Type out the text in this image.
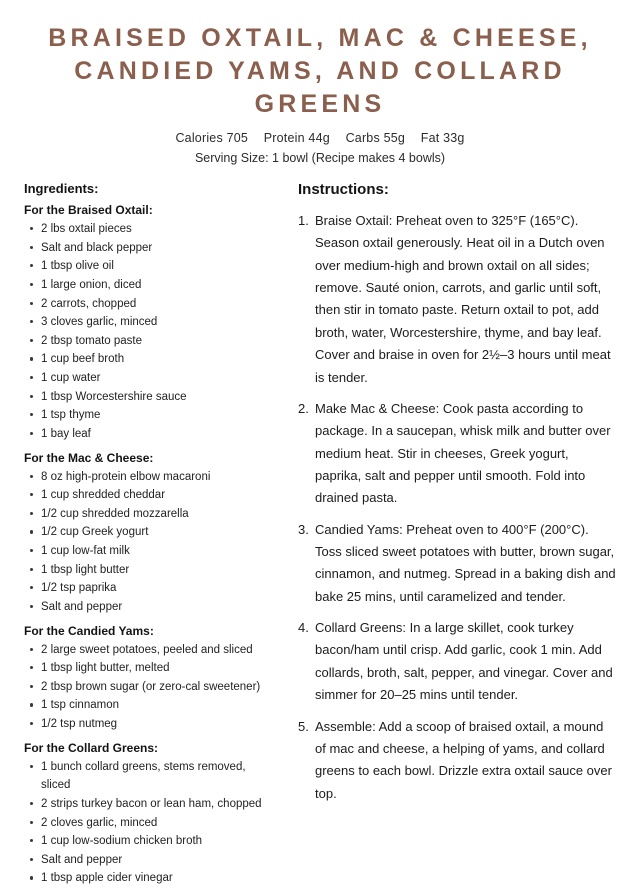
BRAISED OXTAIL, MAC & CHEESE, CANDIED YAMS, AND COLLARD GREENS
Calories 705 Protein 44g Carbs 55g Fat 33g
Serving Size: 1 bowl (Recipe makes 4 bowls)
Ingredients:
For the Braised Oxtail:
2 lbs oxtail pieces
Salt and black pepper
1 tbsp olive oil
1 large onion, diced
2 carrots, chopped
3 cloves garlic, minced
2 tbsp tomato paste
1 cup beef broth
1 cup water
1 tbsp Worcestershire sauce
1 tsp thyme
1 bay leaf
For the Mac & Cheese:
8 oz high-protein elbow macaroni
1 cup shredded cheddar
1/2 cup shredded mozzarella
1/2 cup Greek yogurt
1 cup low-fat milk
1 tbsp light butter
1/2 tsp paprika
Salt and pepper
For the Candied Yams:
2 large sweet potatoes, peeled and sliced
1 tbsp light butter, melted
2 tbsp brown sugar (or zero-cal sweetener)
1 tsp cinnamon
1/2 tsp nutmeg
For the Collard Greens:
1 bunch collard greens, stems removed, sliced
2 strips turkey bacon or lean ham, chopped
2 cloves garlic, minced
1 cup low-sodium chicken broth
Salt and pepper
1 tbsp apple cider vinegar
Instructions:
Braise Oxtail: Preheat oven to 325°F (165°C). Season oxtail generously. Heat oil in a Dutch oven over medium-high and brown oxtail on all sides; remove. Sauté onion, carrots, and garlic until soft, then stir in tomato paste. Return oxtail to pot, add broth, water, Worcestershire, thyme, and bay leaf. Cover and braise in oven for 2½–3 hours until meat is tender.
Make Mac & Cheese: Cook pasta according to package. In a saucepan, whisk milk and butter over medium heat. Stir in cheeses, Greek yogurt, paprika, salt and pepper until smooth. Fold into drained pasta.
Candied Yams: Preheat oven to 400°F (200°C). Toss sliced sweet potatoes with butter, brown sugar, cinnamon, and nutmeg. Spread in a baking dish and bake 25 mins, until caramelized and tender.
Collard Greens: In a large skillet, cook turkey bacon/ham until crisp. Add garlic, cook 1 min. Add collards, broth, salt, pepper, and vinegar. Cover and simmer for 20–25 mins until tender.
Assemble: Add a scoop of braised oxtail, a mound of mac and cheese, a helping of yams, and collard greens to each bowl. Drizzle extra oxtail sauce over top.
